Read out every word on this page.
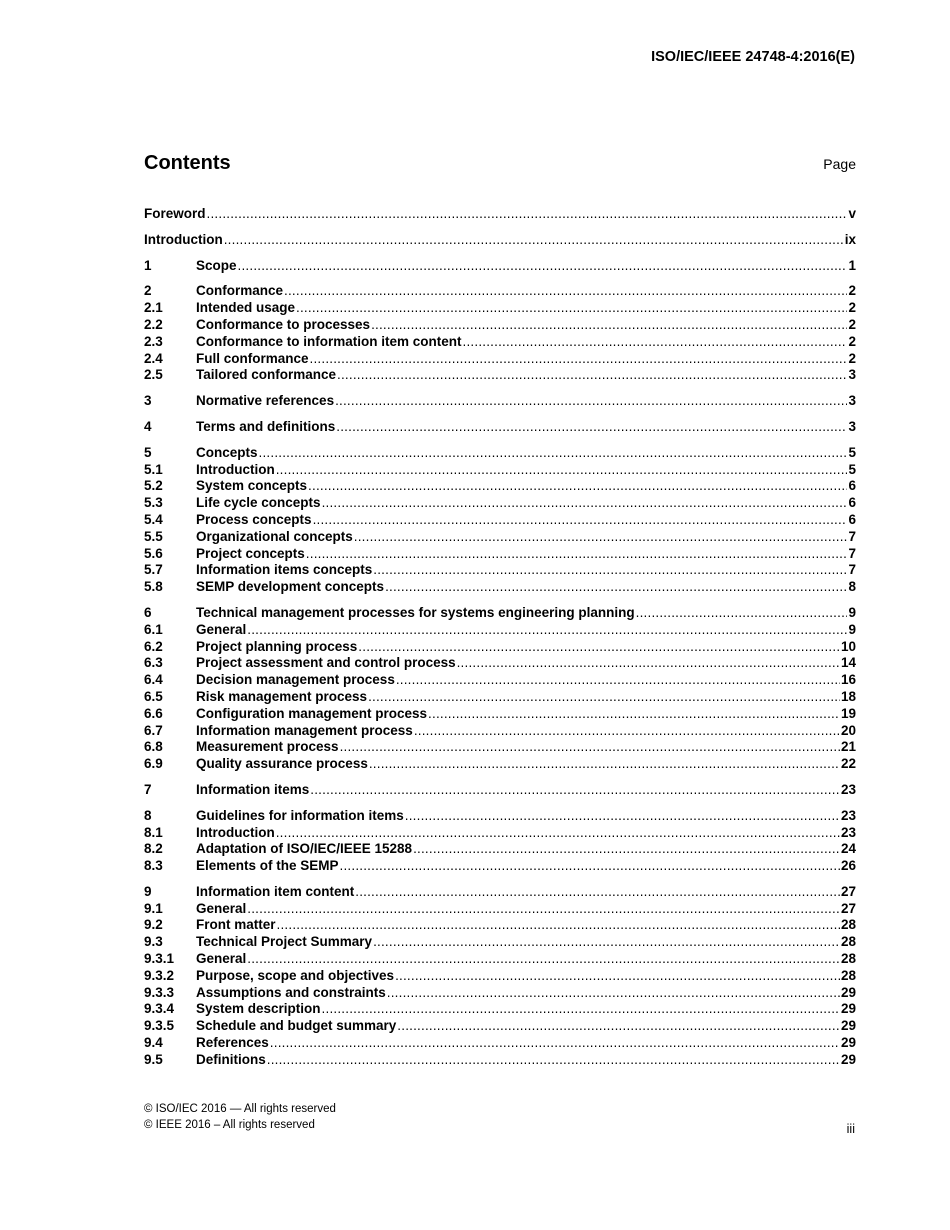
ISO/IEC/IEEE 24748-4:2016(E)
Contents	Page
Foreword .....	v
Introduction .....	ix
1	Scope .....	1
2	Conformance .....	2
2.1	Intended usage .....	2
2.2	Conformance to processes .....	2
2.3	Conformance to information item content .....	2
2.4	Full conformance .....	2
2.5	Tailored conformance .....	3
3	Normative references .....	3
4	Terms and definitions .....	3
5	Concepts .....	5
5.1	Introduction .....	5
5.2	System concepts .....	6
5.3	Life cycle concepts .....	6
5.4	Process concepts .....	6
5.5	Organizational concepts .....	7
5.6	Project concepts .....	7
5.7	Information items concepts .....	7
5.8	SEMP development concepts .....	8
6	Technical management processes for systems engineering planning .....	9
6.1	General .....	9
6.2	Project planning process .....	10
6.3	Project assessment and control process .....	14
6.4	Decision management process .....	16
6.5	Risk management process .....	18
6.6	Configuration management process .....	19
6.7	Information management process .....	20
6.8	Measurement process .....	21
6.9	Quality assurance process .....	22
7	Information items .....	23
8	Guidelines for information items .....	23
8.1	Introduction .....	23
8.2	Adaptation of ISO/IEC/IEEE 15288 .....	24
8.3	Elements of the SEMP .....	26
9	Information item content .....	27
9.1	General .....	27
9.2	Front matter .....	28
9.3	Technical Project Summary .....	28
9.3.1	General .....	28
9.3.2	Purpose, scope and objectives .....	28
9.3.3	Assumptions and constraints .....	29
9.3.4	System description .....	29
9.3.5	Schedule and budget summary .....	29
9.4	References .....	29
9.5	Definitions .....	29
© ISO/IEC 2016 — All rights reserved
© IEEE 2016 – All rights reserved	iii
